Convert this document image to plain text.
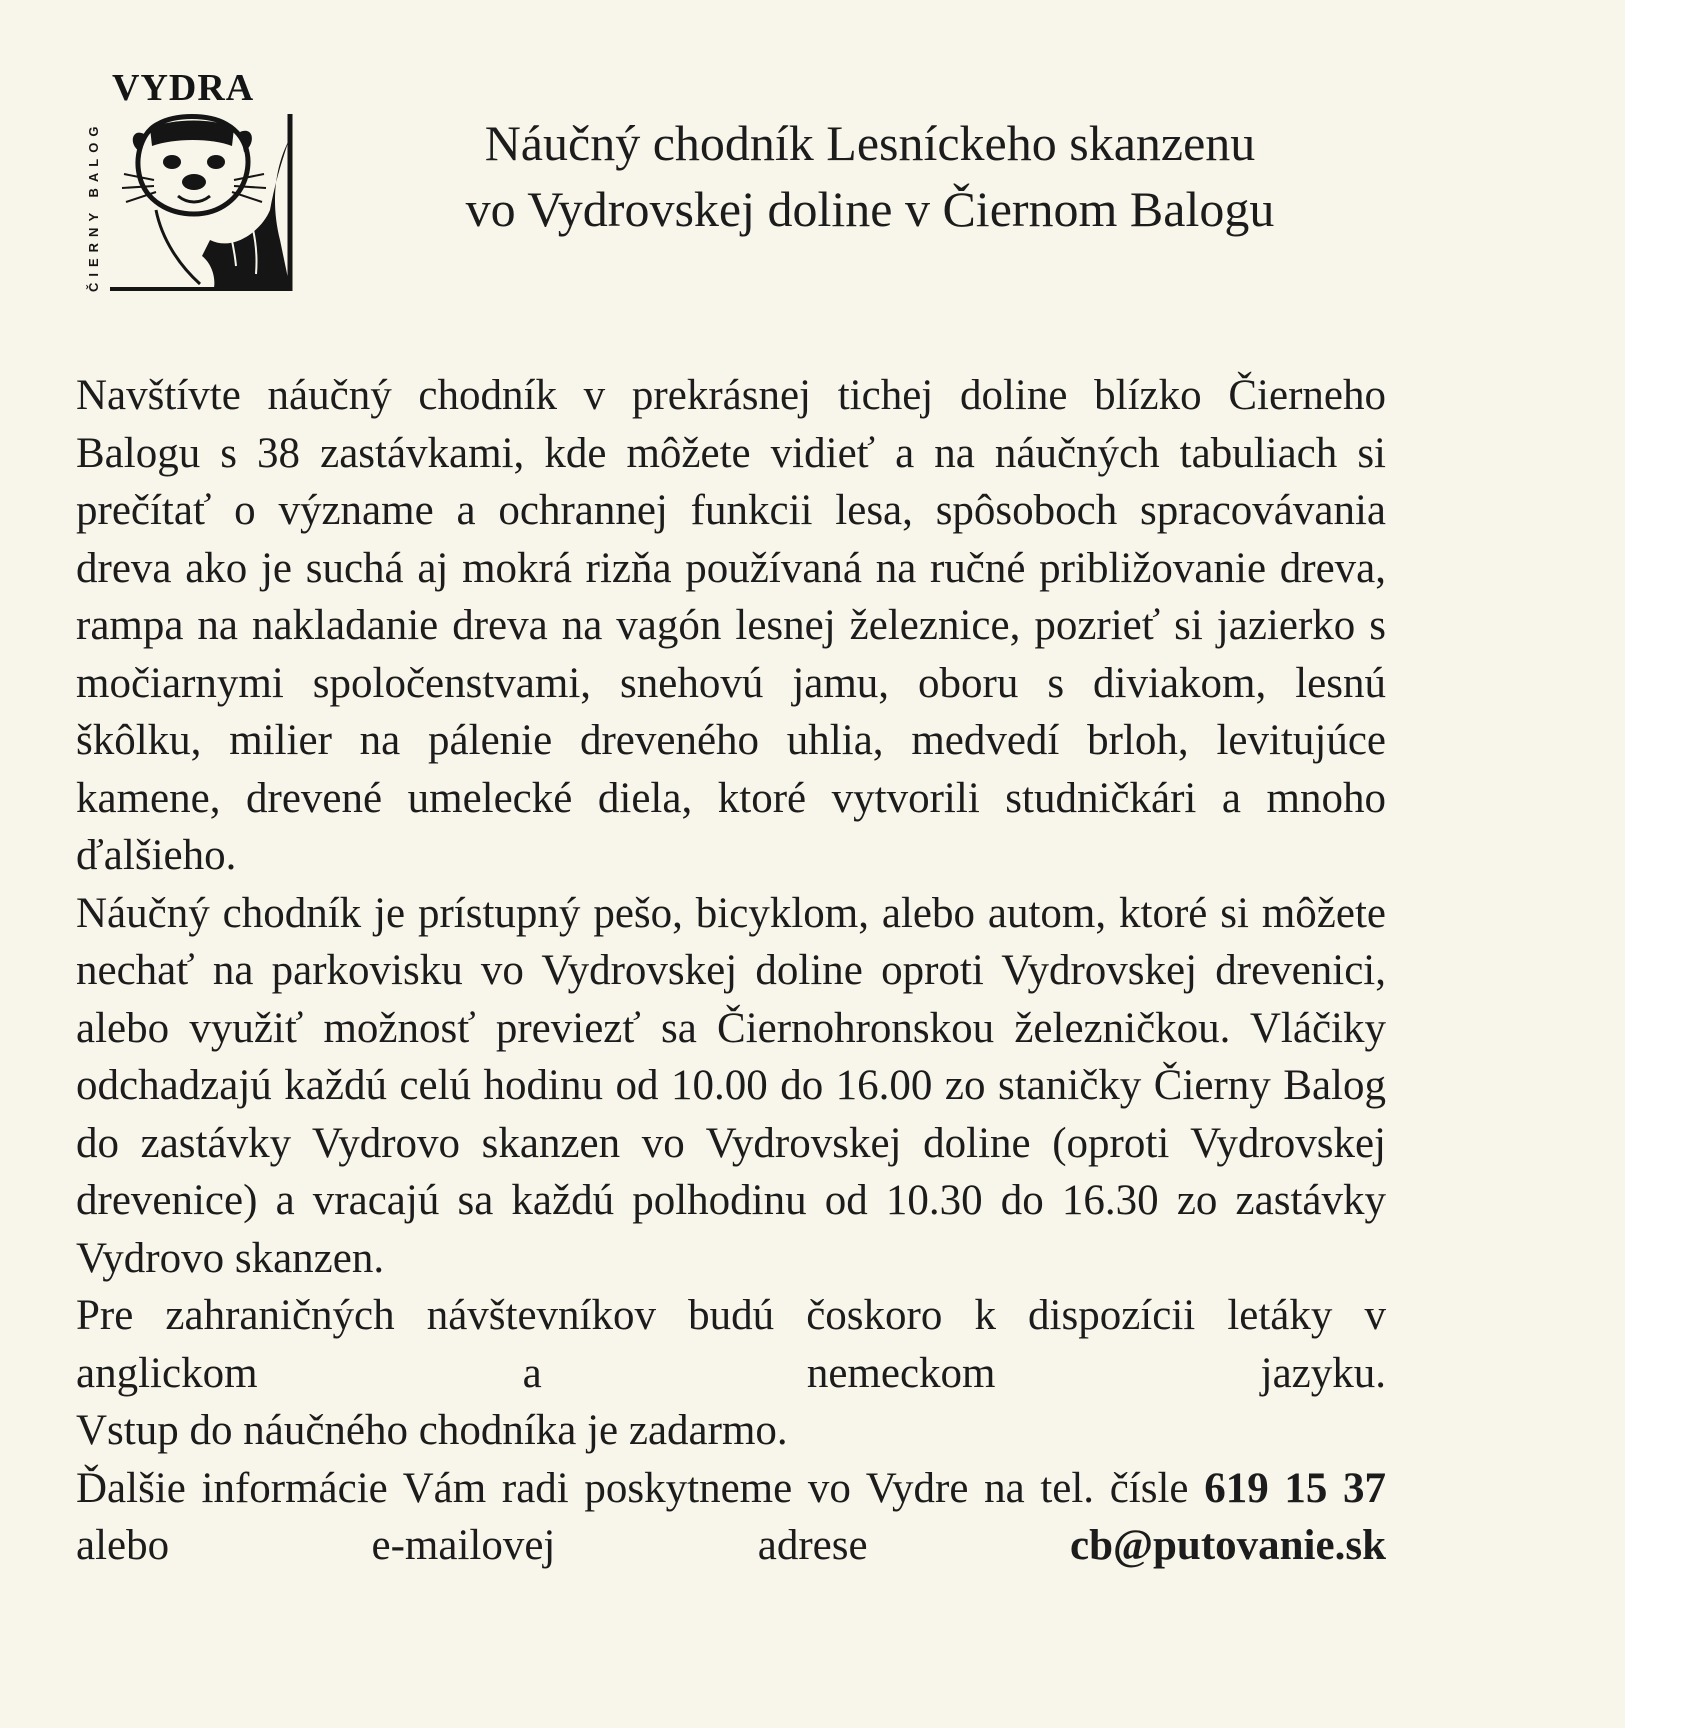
VYDRA
ČIERNY BALOG	Náučný chodník Lesníckeho skanzenu
vo Vydrovskej doline v Čiernom Balogu
Navštívte náučný chodník v prekrásnej tichej doline blízko Čierneho Balogu s 38 zastávkami, kde môžete vidieť a na náučných tabuliach si prečítať o význame a ochrannej funkcii lesa, spôsoboch spracovávania dreva ako je suchá aj mokrá rizňa používaná na ručné približovanie dreva, rampa na nakladanie dreva na vagón lesnej železnice, pozrieť si jazierko s močiarnymi spoločenstvami, snehovú jamu, oboru s diviakom, lesnú škôlku, milier na pálenie dreveného uhlia, medvedí brloh, levitujúce kamene, drevené umelecké diela, ktoré vytvorili studničkári a mnoho ďalšieho.
Náučný chodník je prístupný pešo, bicyklom, alebo autom, ktoré si môžete nechať na parkovisku vo Vydrovskej doline oproti Vydrovskej drevenici, alebo využiť možnosť previezť sa Čiernohronskou železničkou. Vláčiky odchadzajú každú celú hodinu od 10.00 do 16.00 zo staničky Čierny Balog do zastávky Vydrovo skanzen vo Vydrovskej doline (oproti Vydrovskej drevenice) a vracajú sa každú polhodinu od 10.30 do 16.30 zo zastávky Vydrovo skanzen.
Pre zahraničných návštevníkov budú čoskoro k dispozícii letáky v anglickom a nemeckom jazyku.
Vstup do náučného chodníka je zadarmo.
Ďalšie informácie Vám radi poskytneme vo Vydre na tel. čísle 619 15 37 alebo e-mailovej adrese	cb@putovanie.sk
